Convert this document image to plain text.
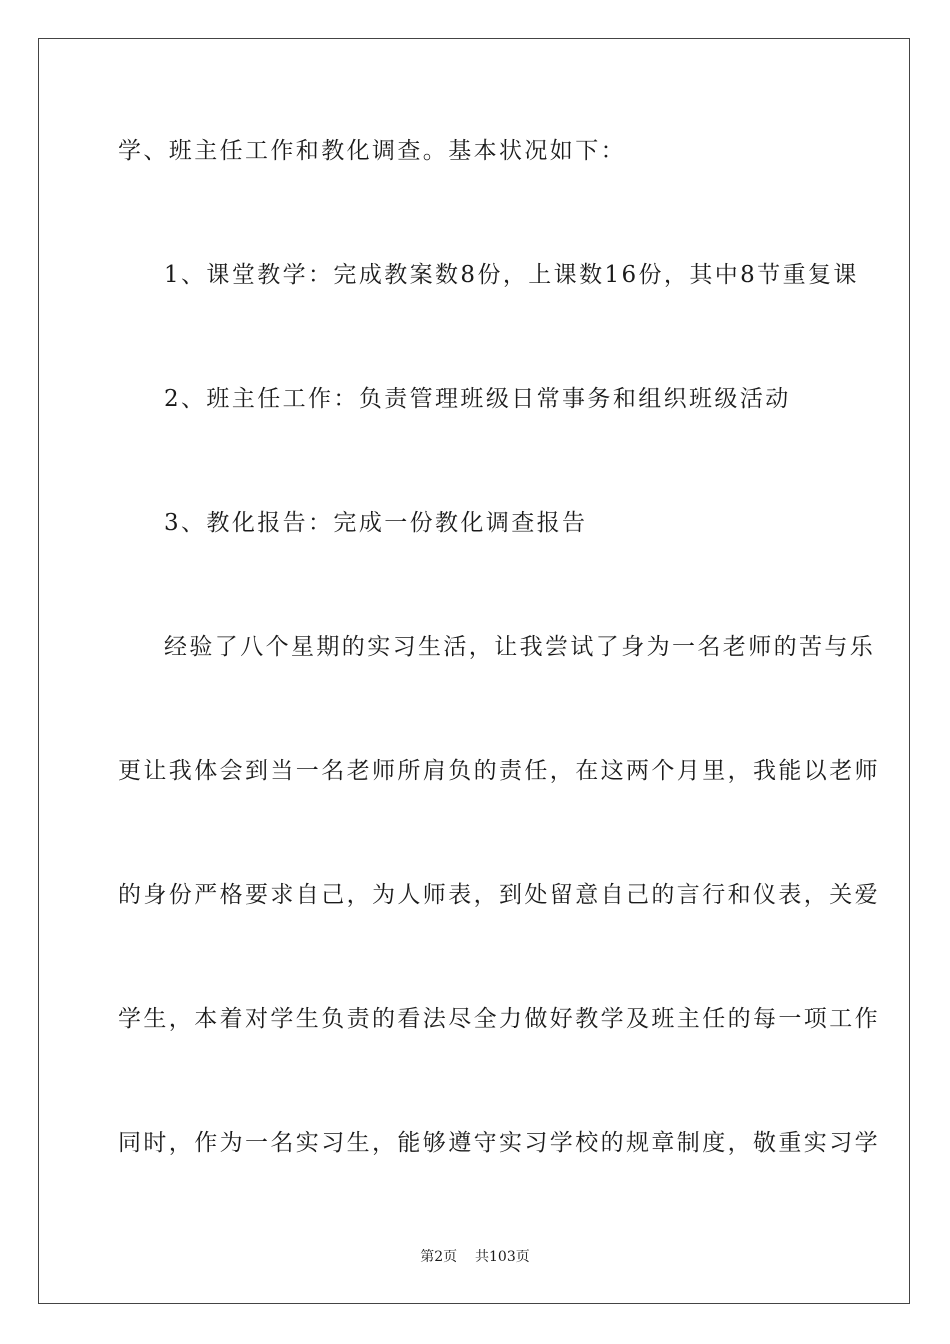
学、班主任工作和教化调查。基本状况如下：
1、课堂教学：完成教案数8份，上课数16份，其中8节重复课
2、班主任工作：负责管理班级日常事务和组织班级活动
3、教化报告：完成一份教化调查报告
经验了八个星期的实习生活，让我尝试了身为一名老师的苦与乐
更让我体会到当一名老师所肩负的责任，在这两个月里，我能以老师
的身份严格要求自己，为人师表，到处留意自己的言行和仪表，关爱
学生，本着对学生负责的看法尽全力做好教学及班主任的每一项工作
同时，作为一名实习生，能够遵守实习学校的规章制度，敬重实习学
第2页 共103页
